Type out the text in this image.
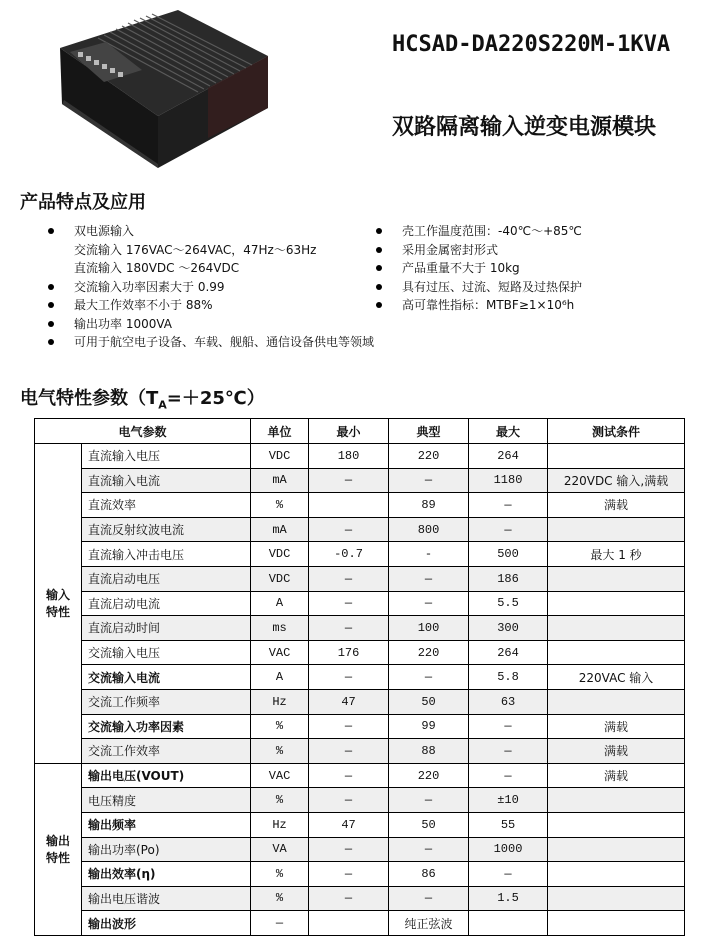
HCSAD-DA220S220M-1KVA
双路隔离输入逆变电源模块
产品特点及应用
双电源输入
交流输入 176VAC～264VAC，47Hz～63Hz
直流输入 180VDC ～264VDC
交流输入功率因素大于 0.99
最大工作效率不小于 88%
输出功率 1000VA
可用于航空电子设备、车载、舰船、通信设备供电等领域
壳工作温度范围：-40℃～+85℃
采用金属密封形式
产品重量不大于 10kg
具有过压、过流、短路及过热保护
高可靠性指标：MTBF≥1×10⁶h
电气特性参数$(T_A=+25℃)$
电气参数		单位	最小	典型	最大	测试条件
输入
特性	直流输入电压	VDC	180	220	264	
	直流输入电流	mA	—	—	1180	220VDC 输入,满载
	直流效率	%		89	—	满载
	直流反射纹波电流	mA	—	800	—	
	直流输入冲击电压	VDC	-0.7	-	500	最大 1 秒
	直流启动电压	VDC	—	—	186	
	直流启动电流	A	—	—	5.5	
	直流启动时间	ms	—	100	300	
	交流输入电压	VAC	176	220	264	
	交流输入电流	A	—	—	5.8	220VAC 输入
	交流工作频率	Hz	47	50	63	
	交流输入功率因素	%	—	99	—	满载
	交流工作效率	%	—	88	—	满载
输出
特性	输出电压(VOUT)	VAC	—	220	—	满载
	电压精度	%	—	—	±10	
	输出频率	Hz	47	50	55	
	输出功率(Po)	VA	—	—	1000	
	输出效率(η)	%	—	86	—	
	输出电压谐波	%	—	—	1.5	
	输出波形	—		纯正弦波		
